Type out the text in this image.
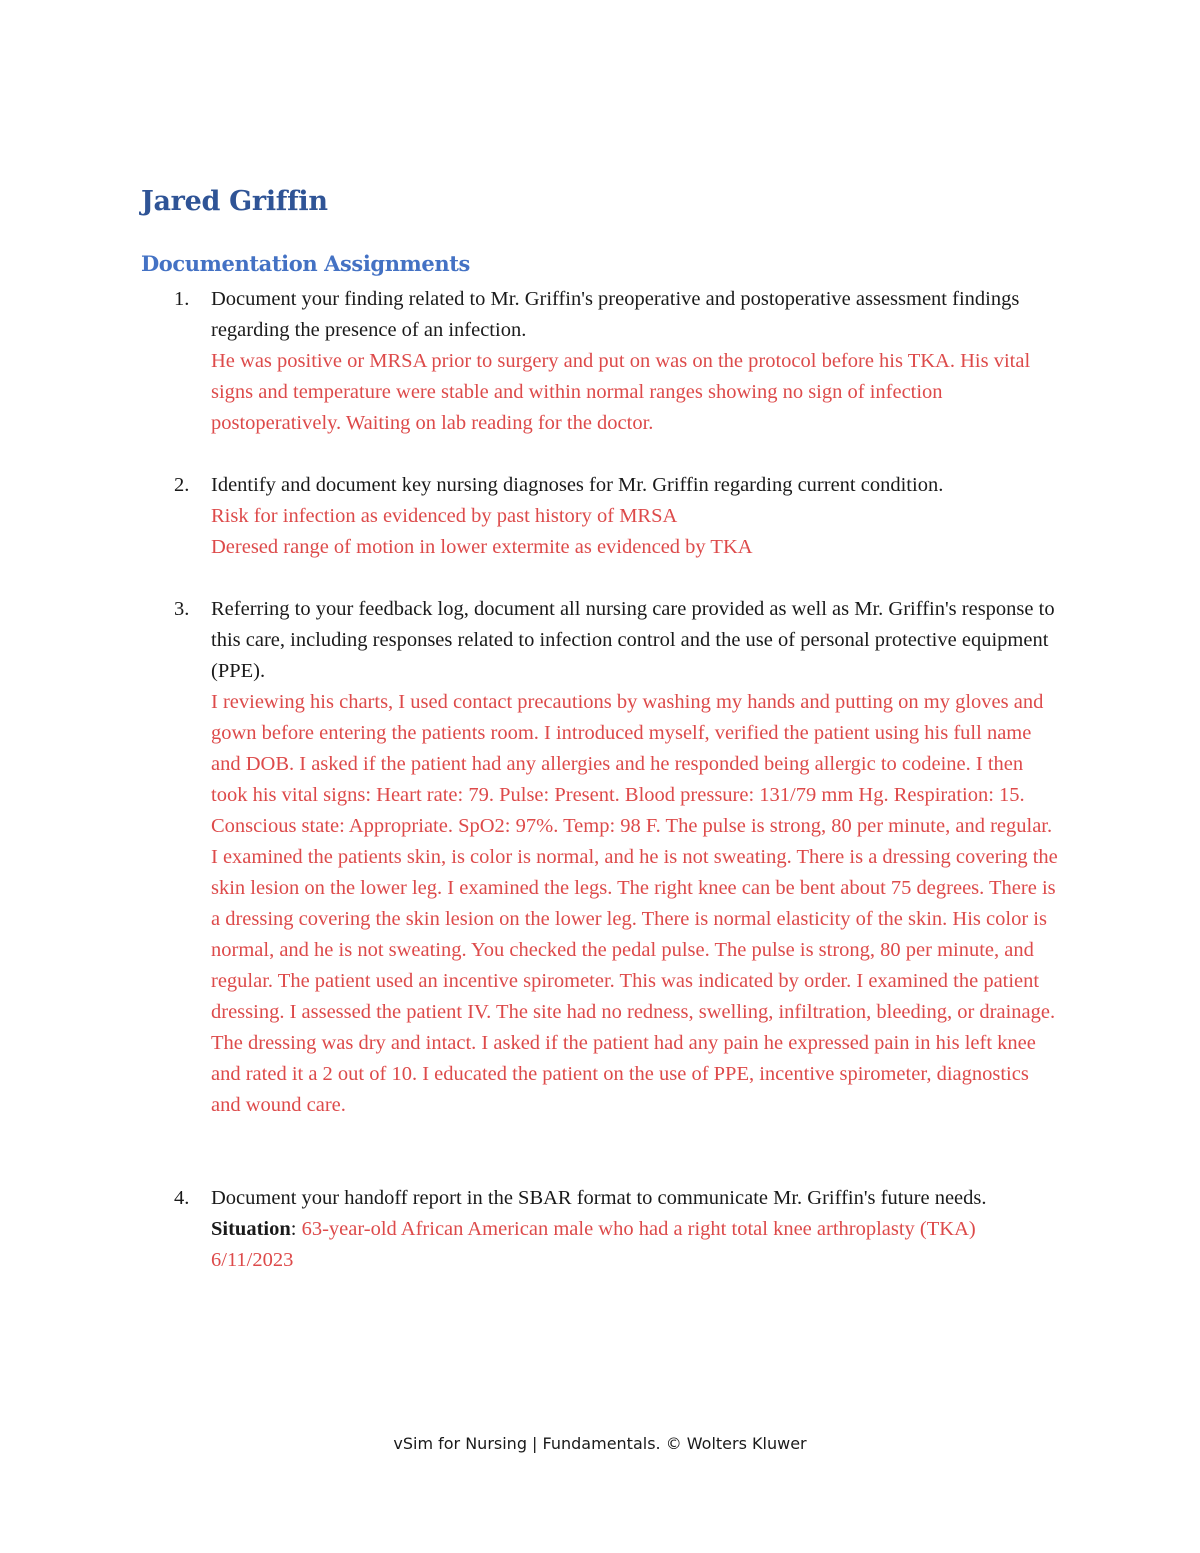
Jared Griffin
Documentation Assignments
1. Document your finding related to Mr. Griffin's preoperative and postoperative assessment findings regarding the presence of an infection.
He was positive or MRSA prior to surgery and put on was on the protocol before his TKA. His vital signs and temperature were stable and within normal ranges showing no sign of infection postoperatively. Waiting on lab reading for the doctor.
2. Identify and document key nursing diagnoses for Mr. Griffin regarding current condition.
Risk for infection as evidenced by past history of MRSA
Deresed range of motion in lower extermite as evidenced by TKA
3. Referring to your feedback log, document all nursing care provided as well as Mr. Griffin's response to this care, including responses related to infection control and the use of personal protective equipment (PPE).
I reviewing his charts, I used contact precautions by washing my hands and putting on my gloves and gown before entering the patients room. I introduced myself, verified the patient using his full name and DOB. I asked if the patient had any allergies and he responded being allergic to codeine. I then took his vital signs: Heart rate: 79. Pulse: Present. Blood pressure: 131/79 mm Hg. Respiration: 15. Conscious state: Appropriate. SpO2: 97%. Temp: 98 F. The pulse is strong, 80 per minute, and regular. I examined the patients skin, is color is normal, and he is not sweating. There is a dressing covering the skin lesion on the lower leg. I examined the legs. The right knee can be bent about 75 degrees. There is a dressing covering the skin lesion on the lower leg. There is normal elasticity of the skin. His color is normal, and he is not sweating. You checked the pedal pulse. The pulse is strong, 80 per minute, and regular. The patient used an incentive spirometer. This was indicated by order. I examined the patient dressing. I assessed the patient IV. The site had no redness, swelling, infiltration, bleeding, or drainage. The dressing was dry and intact. I asked if the patient had any pain he expressed pain in his left knee and rated it a 2 out of 10. I educated the patient on the use of PPE, incentive spirometer, diagnostics and wound care.
4. Document your handoff report in the SBAR format to communicate Mr. Griffin's future needs.
Situation: 63-year-old African American male who had a right total knee arthroplasty (TKA) 6/11/2023
vSim for Nursing | Fundamentals. © Wolters Kluwer
